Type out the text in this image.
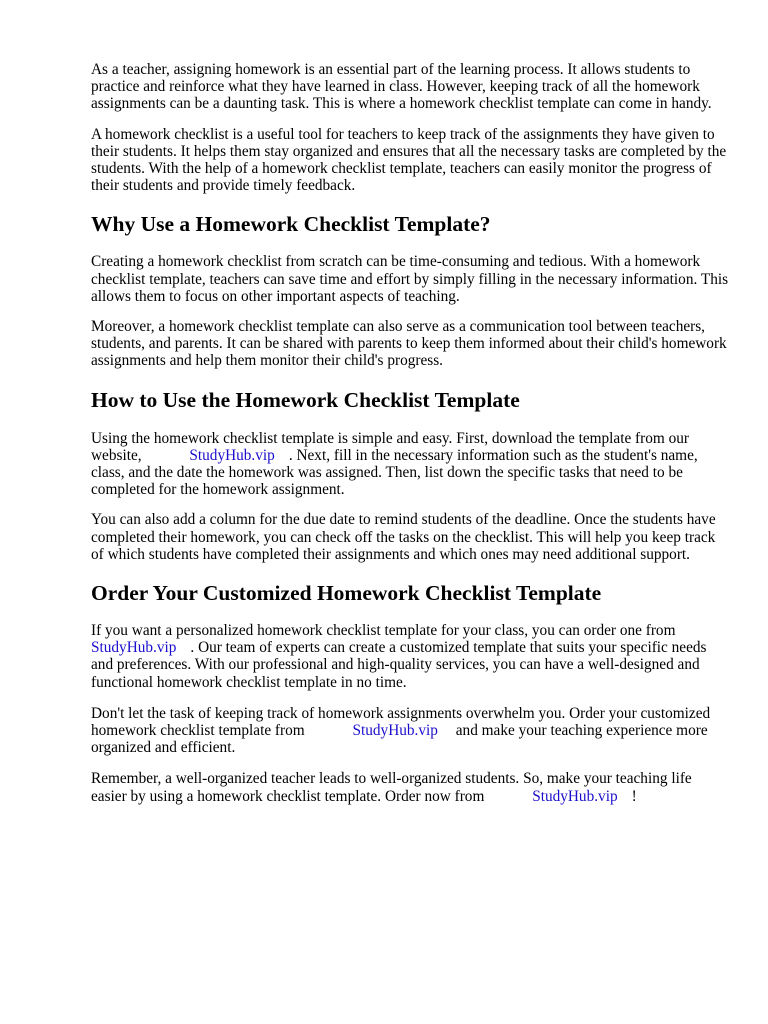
As a teacher, assigning homework is an essential part of the learning process. It allows students to practice and reinforce what they have learned in class. However, keeping track of all the homework assignments can be a daunting task. This is where a homework checklist template can come in handy.

A homework checklist is a useful tool for teachers to keep track of the assignments they have given to their students. It helps them stay organized and ensures that all the necessary tasks are completed by the students. With the help of a homework checklist template, teachers can easily monitor the progress of their students and provide timely feedback.

Why Use a Homework Checklist Template?

Creating a homework checklist from scratch can be time-consuming and tedious. With a homework checklist template, teachers can save time and effort by simply filling in the necessary information. This allows them to focus on other important aspects of teaching.

Moreover, a homework checklist template can also serve as a communication tool between teachers, students, and parents. It can be shared with parents to keep them informed about their child's homework assignments and help them monitor their child's progress.

How to Use the Homework Checklist Template

Using the homework checklist template is simple and easy. First, download the template from our website,	StudyHub.vip . Next, fill in the necessary information such as the student's name, class, and the date the homework was assigned. Then, list down the specific tasks that need to be completed for the homework assignment.

You can also add a column for the due date to remind students of the deadline. Once the students have completed their homework, you can check off the tasks on the checklist. This will help you keep track of which students have completed their assignments and which ones may need additional support.

Order Your Customized Homework Checklist Template

If you want a personalized homework checklist template for your class, you can order one from StudyHub.vip . Our team of experts can create a customized template that suits your specific needs and preferences. With our professional and high-quality services, you can have a well-designed and functional homework checklist template in no time.

Don't let the task of keeping track of homework assignments overwhelm you. Order your customized homework checklist template from	StudyHub.vip and make your teaching experience more organized and efficient.

Remember, a well-organized teacher leads to well-organized students. So, make your teaching life easier by using a homework checklist template. Order now from	StudyHub.vip !
